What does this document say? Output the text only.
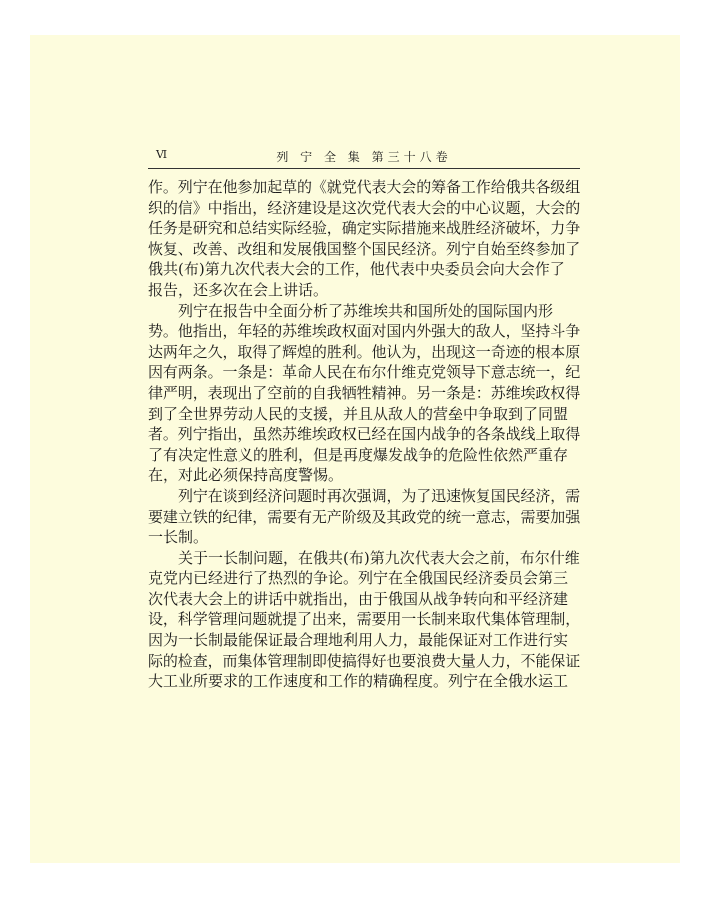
Ⅵ	列 宁 全 集 第三十八卷

作。列宁在他参加起草的《就党代表大会的筹备工作给俄共各级组
织的信》中指出，经济建设是这次党代表大会的中心议题，大会的
任务是研究和总结实际经验，确定实际措施来战胜经济破坏，力争
恢复、改善、改组和发展俄国整个国民经济。列宁自始至终参加了
俄共(布)第九次代表大会的工作，他代表中央委员会向大会作了
报告，还多次在会上讲话。

列宁在报告中全面分析了苏维埃共和国所处的国际国内形
势。他指出，年轻的苏维埃政权面对国内外强大的敌人，坚持斗争
达两年之久，取得了辉煌的胜利。他认为，出现这一奇迹的根本原
因有两条。一条是：革命人民在布尔什维克党领导下意志统一，纪
律严明，表现出了空前的自我牺牲精神。另一条是：苏维埃政权得
到了全世界劳动人民的支援，并且从敌人的营垒中争取到了同盟
者。列宁指出，虽然苏维埃政权已经在国内战争的各条战线上取得
了有决定性意义的胜利，但是再度爆发战争的危险性依然严重存
在，对此必须保持高度警惕。

列宁在谈到经济问题时再次强调，为了迅速恢复国民经济，需
要建立铁的纪律，需要有无产阶级及其政党的统一意志，需要加强
一长制。

关于一长制问题，在俄共(布)第九次代表大会之前，布尔什维
克党内已经进行了热烈的争论。列宁在全俄国民经济委员会第三
次代表大会上的讲话中就指出，由于俄国从战争转向和平经济建
设，科学管理问题就提了出来，需要用一长制来取代集体管理制，
因为一长制最能保证最合理地利用人力，最能保证对工作进行实
际的检查，而集体管理制即使搞得好也要浪费大量人力，不能保证
大工业所要求的工作速度和工作的精确程度。列宁在全俄水运工
